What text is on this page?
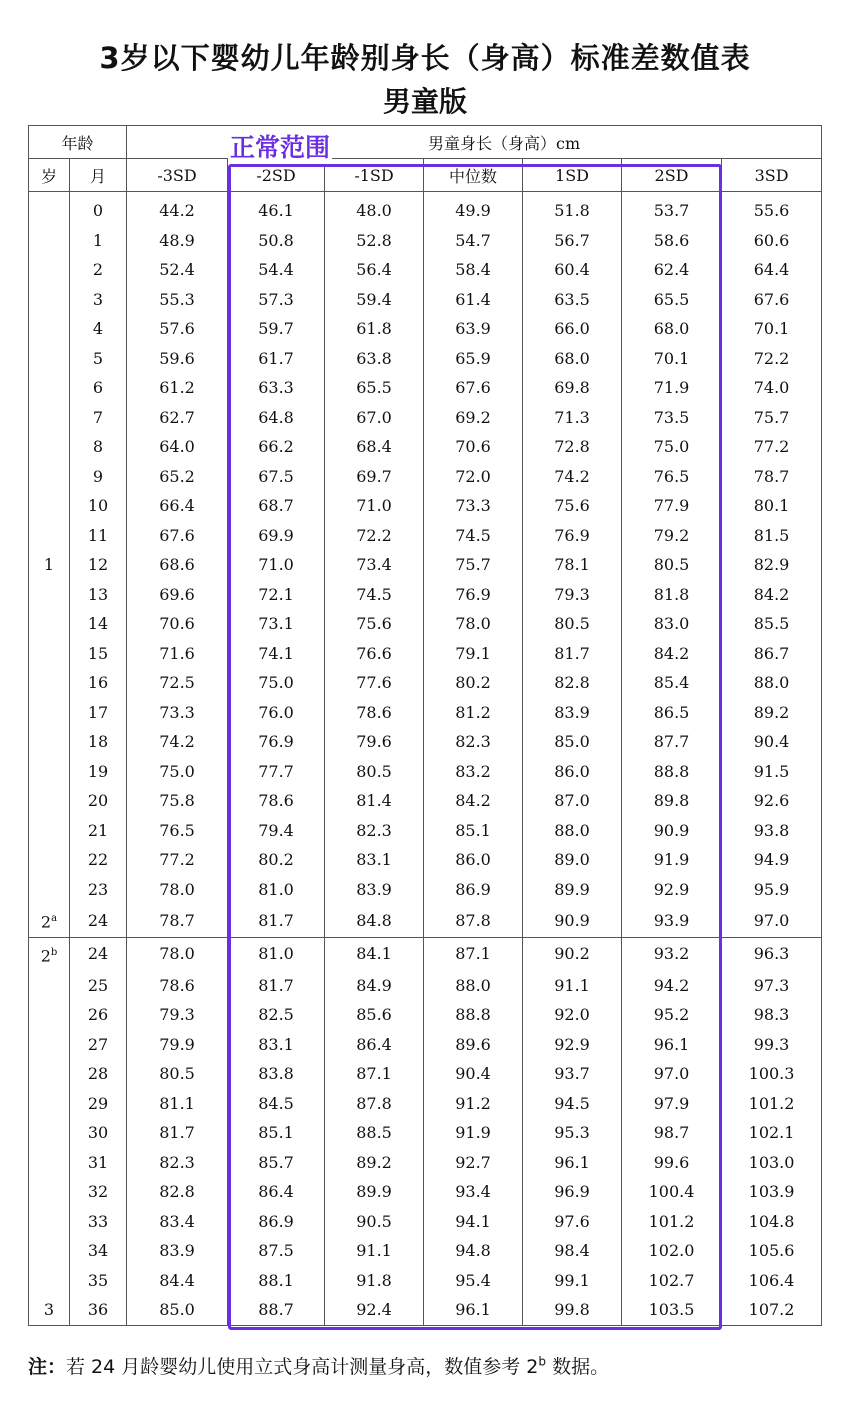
3岁以下婴幼儿年龄别身长（身高）标准差数值表
男童版
年龄		男童身长（身高）cm						
岁	月	-3SD	-2SD	-1SD	中位数	1SD	2SD	3SD
	0	44.2	46.1	48.0	49.9	51.8	53.7	55.6
	1	48.9	50.8	52.8	54.7	56.7	58.6	60.6
	2	52.4	54.4	56.4	58.4	60.4	62.4	64.4
	3	55.3	57.3	59.4	61.4	63.5	65.5	67.6
	4	57.6	59.7	61.8	63.9	66.0	68.0	70.1
	5	59.6	61.7	63.8	65.9	68.0	70.1	72.2
	6	61.2	63.3	65.5	67.6	69.8	71.9	74.0
	7	62.7	64.8	67.0	69.2	71.3	73.5	75.7
	8	64.0	66.2	68.4	70.6	72.8	75.0	77.2
	9	65.2	67.5	69.7	72.0	74.2	76.5	78.7
	10	66.4	68.7	71.0	73.3	75.6	77.9	80.1
	11	67.6	69.9	72.2	74.5	76.9	79.2	81.5
1	12	68.6	71.0	73.4	75.7	78.1	80.5	82.9
	13	69.6	72.1	74.5	76.9	79.3	81.8	84.2
	14	70.6	73.1	75.6	78.0	80.5	83.0	85.5
	15	71.6	74.1	76.6	79.1	81.7	84.2	86.7
	16	72.5	75.0	77.6	80.2	82.8	85.4	88.0
	17	73.3	76.0	78.6	81.2	83.9	86.5	89.2
	18	74.2	76.9	79.6	82.3	85.0	87.7	90.4
	19	75.0	77.7	80.5	83.2	86.0	88.8	91.5
	20	75.8	78.6	81.4	84.2	87.0	89.8	92.6
	21	76.5	79.4	82.3	85.1	88.0	90.9	93.8
	22	77.2	80.2	83.1	86.0	89.0	91.9	94.9
	23	78.0	81.0	83.9	86.9	89.9	92.9	95.9
2$^a$	24	78.7	81.7	84.8	87.8	90.9	93.9	97.0
2$^b$	24	78.0	81.0	84.1	87.1	90.2	93.2	96.3
	25	78.6	81.7	84.9	88.0	91.1	94.2	97.3
	26	79.3	82.5	85.6	88.8	92.0	95.2	98.3
	27	79.9	83.1	86.4	89.6	92.9	96.1	99.3
	28	80.5	83.8	87.1	90.4	93.7	97.0	100.3
	29	81.1	84.5	87.8	91.2	94.5	97.9	101.2
	30	81.7	85.1	88.5	91.9	95.3	98.7	102.1
	31	82.3	85.7	89.2	92.7	96.1	99.6	103.0
	32	82.8	86.4	89.9	93.4	96.9	100.4	103.9
	33	83.4	86.9	90.5	94.1	97.6	101.2	104.8
	34	83.9	87.5	91.1	94.8	98.4	102.0	105.6
	35	84.4	88.1	91.8	95.4	99.1	102.7	106.4
3	36	85.0	88.7	92.4	96.1	99.8	103.5	107.2
正常范围
注：若 24 月龄婴幼儿使用立式身高计测量身高，数值参考 2$^b$ 数据。
